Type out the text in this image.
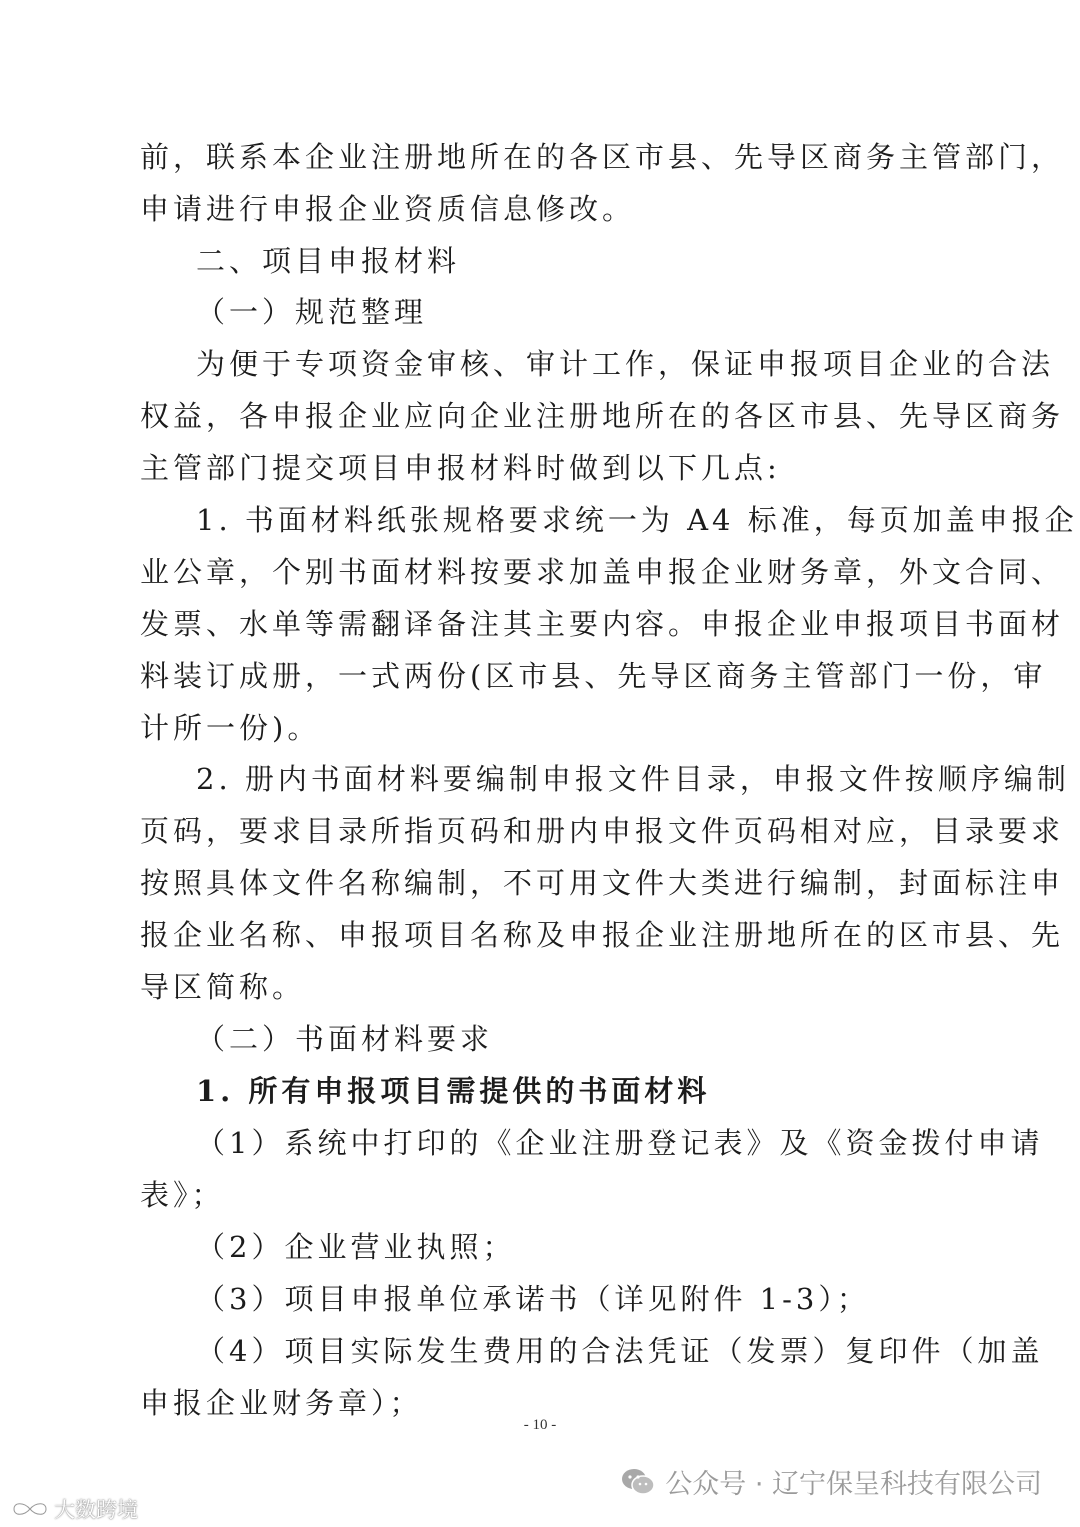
前，联系本企业注册地所在的各区市县、先导区商务主管部门，
申请进行申报企业资质信息修改。
二、项目申报材料
（一）规范整理
为便于专项资金审核、审计工作，保证申报项目企业的合法
权益，各申报企业应向企业注册地所在的各区市县、先导区商务
主管部门提交项目申报材料时做到以下几点:
1. 书面材料纸张规格要求统一为 A4 标准，每页加盖申报企
业公章，个别书面材料按要求加盖申报企业财务章，外文合同、
发票、水单等需翻译备注其主要内容。申报企业申报项目书面材
料装订成册，一式两份(区市县、先导区商务主管部门一份，审
计所一份)。
2. 册内书面材料要编制申报文件目录，申报文件按顺序编制
页码，要求目录所指页码和册内申报文件页码相对应，目录要求
按照具体文件名称编制，不可用文件大类进行编制，封面标注申
报企业名称、申报项目名称及申报企业注册地所在的区市县、先
导区简称。
（二）书面材料要求
1. 所有申报项目需提供的书面材料
（1）系统中打印的《企业注册登记表》及《资金拨付申请
表》；
（2）企业营业执照；
（3）项目申报单位承诺书（详见附件 1-3）；
（4）项目实际发生费用的合法凭证（发票）复印件（加盖
申报企业财务章）；
- 10 -
公众号 · 辽宁保呈科技有限公司
大数跨境
